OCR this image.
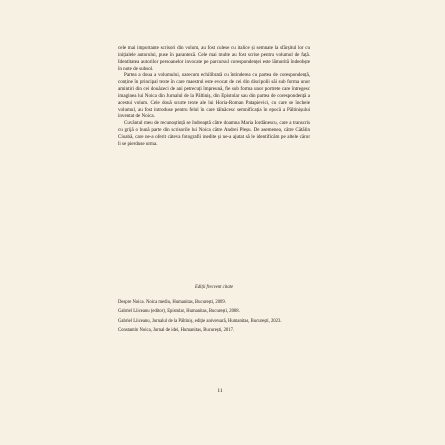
cele mai importante scrisori din volum, au fost culese cu italice și semnate la sfârșitul lor cu inițialele autorului, puse în paranteză. Cele mai multe au fost scrise pentru volumul de față. Identitatea autorilor persoanelor invocate pe parcursul corespondenței este lămurită îndeobște în note de subsol.

Partea a doua a volumului, oarecum echilibrată cu întinderea cu partea de corespondență, conține în principal texte în care maestrul este evocat de cei din discipolii săi sub forma unor amintiri din cei douăzeci de ani petrecuți împreună, fie sub forma unor portrete care întregesc imaginea lui Noica din Jurnalul de la Păltiniș, din Epistolar sau din partea de corespondență a acestui volum. Cele două scurte texte ale lui Horia-Roman Patapievici, cu care se încheie volumul, au fost introduse pentru felul în care tâlnăcesc semnificația în epocă a Păltinișului inventat de Noica.

Cuvântul meu de recunoștință se îndreaptă către doamna Maria Iordănescu, care a transcris cu grijă o bună parte din scrisorile lui Noica către Andrei Pleșu. De asemenea, către Cătălin Cioabă, care ne-a oferit câteva fotografii inedite și ne-a ajutat să le identificăm pe altele căror li se pierduse urma.

Ediții frecvent citate

Despre Noica. Noica mediu, Humanitas, București, 2009.

Gabriel Liiceanu (editor), Epistolar, Humanitas, București, 2008.

Gabriel Liiceanu, Jurnalul de la Păltiniș, ediție aniversară, Humanitas, București, 2023.

Constantin Noica, Jurnal de idei, Humanitas, București, 2017.

11
